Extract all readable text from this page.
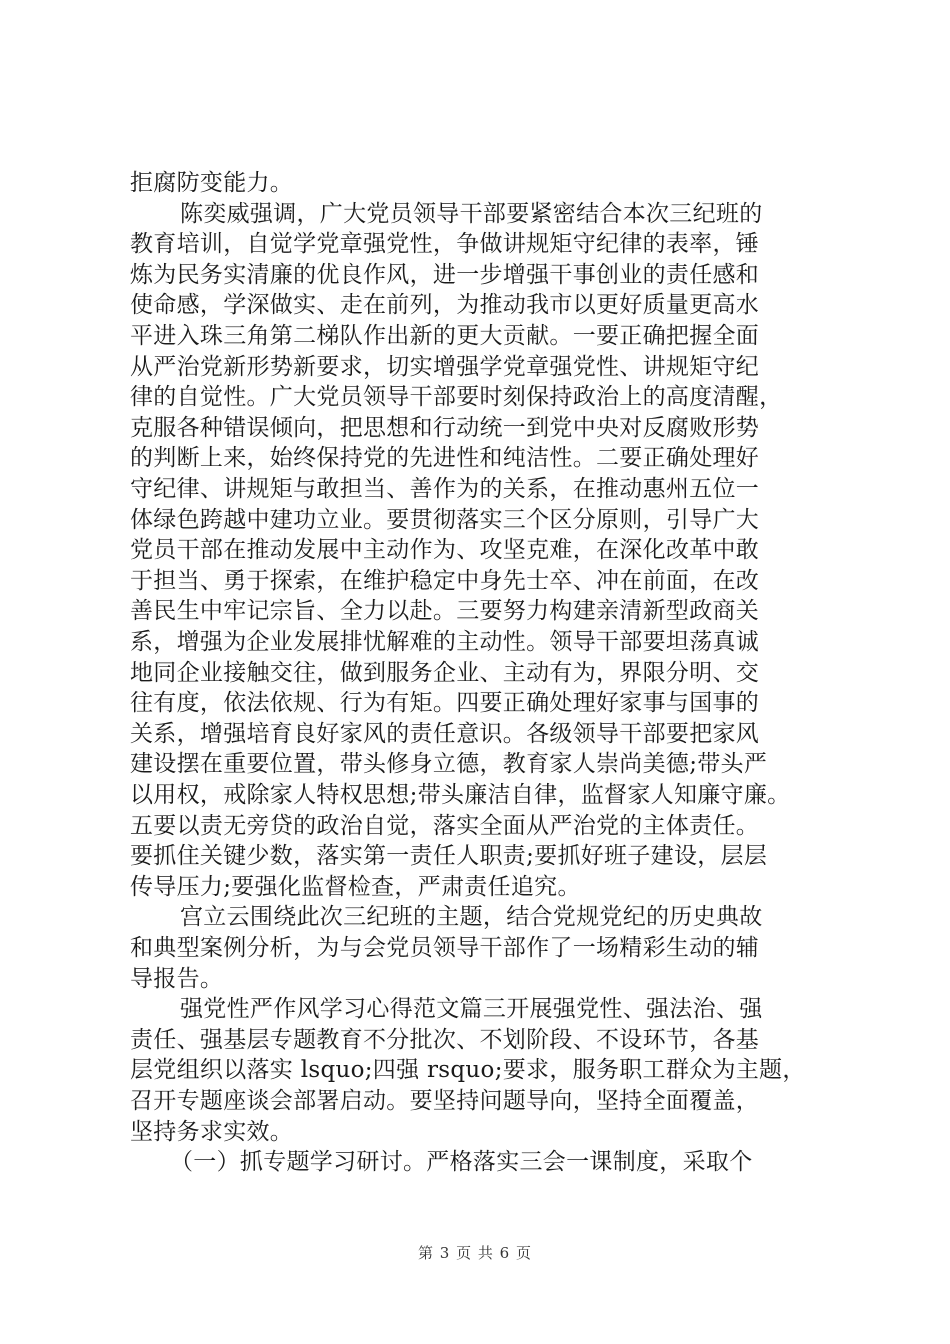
拒腐防变能力。
陈奕威强调，广大党员领导干部要紧密结合本次三纪班的
教育培训，自觉学党章强党性，争做讲规矩守纪律的表率，锤
炼为民务实清廉的优良作风，进一步增强干事创业的责任感和
使命感，学深做实、走在前列，为推动我市以更好质量更高水
平进入珠三角第二梯队作出新的更大贡献。一要正确把握全面
从严治党新形势新要求，切实增强学党章强党性、讲规矩守纪
律的自觉性。广大党员领导干部要时刻保持政治上的高度清醒，
克服各种错误倾向，把思想和行动统一到党中央对反腐败形势
的判断上来，始终保持党的先进性和纯洁性。二要正确处理好
守纪律、讲规矩与敢担当、善作为的关系，在推动惠州五位一
体绿色跨越中建功立业。要贯彻落实三个区分原则，引导广大
党员干部在推动发展中主动作为、攻坚克难，在深化改革中敢
于担当、勇于探索，在维护稳定中身先士卒、冲在前面，在改
善民生中牢记宗旨、全力以赴。三要努力构建亲清新型政商关
系，增强为企业发展排忧解难的主动性。领导干部要坦荡真诚
地同企业接触交往，做到服务企业、主动有为，界限分明、交
往有度，依法依规、行为有矩。四要正确处理好家事与国事的
关系，增强培育良好家风的责任意识。各级领导干部要把家风
建设摆在重要位置，带头修身立德，教育家人崇尚美德;带头严
以用权，戒除家人特权思想;带头廉洁自律，监督家人知廉守廉。
五要以责无旁贷的政治自觉，落实全面从严治党的主体责任。
要抓住关键少数，落实第一责任人职责;要抓好班子建设，层层
传导压力;要强化监督检查，严肃责任追究。
宫立云围绕此次三纪班的主题，结合党规党纪的历史典故
和典型案例分析，为与会党员领导干部作了一场精彩生动的辅
导报告。
强党性严作风学习心得范文篇三开展强党性、强法治、强
责任、强基层专题教育不分批次、不划阶段、不设环节，各基
层党组织以落实 lsquo;四强 rsquo;要求，服务职工群众为主题，
召开专题座谈会部署启动。要坚持问题导向，坚持全面覆盖，
坚持务求实效。
（一）抓专题学习研讨。严格落实三会一课制度，采取个
第 3 页 共 6 页
